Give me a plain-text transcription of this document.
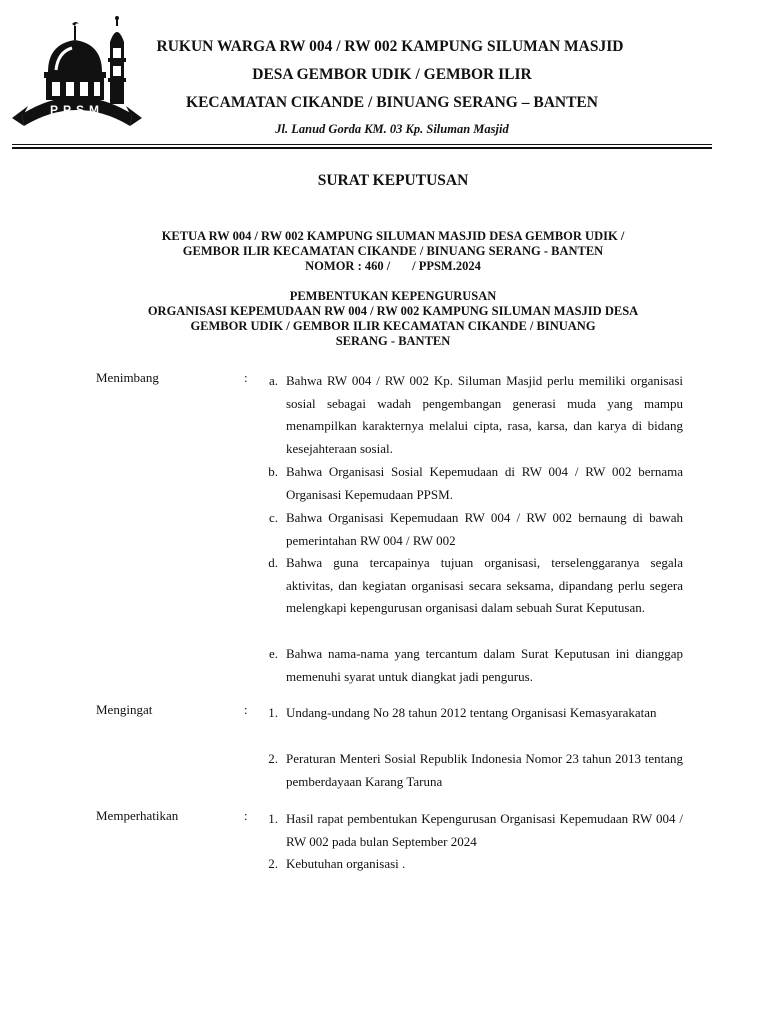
PPSM
RUKUN WARGA RW 004 / RW 002 KAMPUNG SILUMAN MASJID
DESA GEMBOR UDIK / GEMBOR ILIR
KECAMATAN CIKANDE / BINUANG SERANG – BANTEN
Jl. Lanud Gorda KM. 03 Kp. Siluman Masjid
SURAT KEPUTUSAN
KETUA RW 004 / RW 002 KAMPUNG SILUMAN MASJID DESA GEMBOR UDIK /
GEMBOR ILIR KECAMATAN CIKANDE / BINUANG SERANG - BANTEN
NOMOR : 460 /       / PPSM.2024
PEMBENTUKAN KEPENGURUSAN
ORGANISASI KEPEMUDAAN RW 004 / RW 002 KAMPUNG SILUMAN MASJID DESA
GEMBOR UDIK / GEMBOR ILIR KECAMATAN CIKANDE / BINUANG
SERANG - BANTEN
Menimbang	:	a. Bahwa RW 004 / RW 002 Kp. Siluman Masjid perlu memiliki organisasi sosial sebagai wadah pengembangan generasi muda yang mampu menampilkan karakternya melalui cipta, rasa, karsa, dan karya di bidang kesejahteraan sosial.
b. Bahwa Organisasi Sosial Kepemudaan di RW 004 / RW 002 bernama Organisasi Kepemudaan PPSM.
c. Bahwa Organisasi Kepemudaan RW 004 / RW 002 bernaung di bawah pemerintahan RW 004 / RW 002
d. Bahwa guna tercapainya tujuan organisasi, terselenggaranya segala aktivitas, dan kegiatan organisasi secara seksama, dipandang perlu segera melengkapi kepengurusan organisasi dalam sebuah Surat Keputusan.
e. Bahwa nama-nama yang tercantum dalam Surat Keputusan ini dianggap memenuhi syarat untuk diangkat jadi pengurus.
Mengingat	:	1. Undang-undang No 28 tahun 2012 tentang Organisasi Kemasyarakatan
2. Peraturan Menteri Sosial Republik Indonesia Nomor 23 tahun 2013 tentang pemberdayaan Karang Taruna
Memperhatikan	:	1. Hasil rapat pembentukan Kepengurusan Organisasi Kepemudaan RW 004 / RW 002 pada bulan September 2024
2. Kebutuhan organisasi .
